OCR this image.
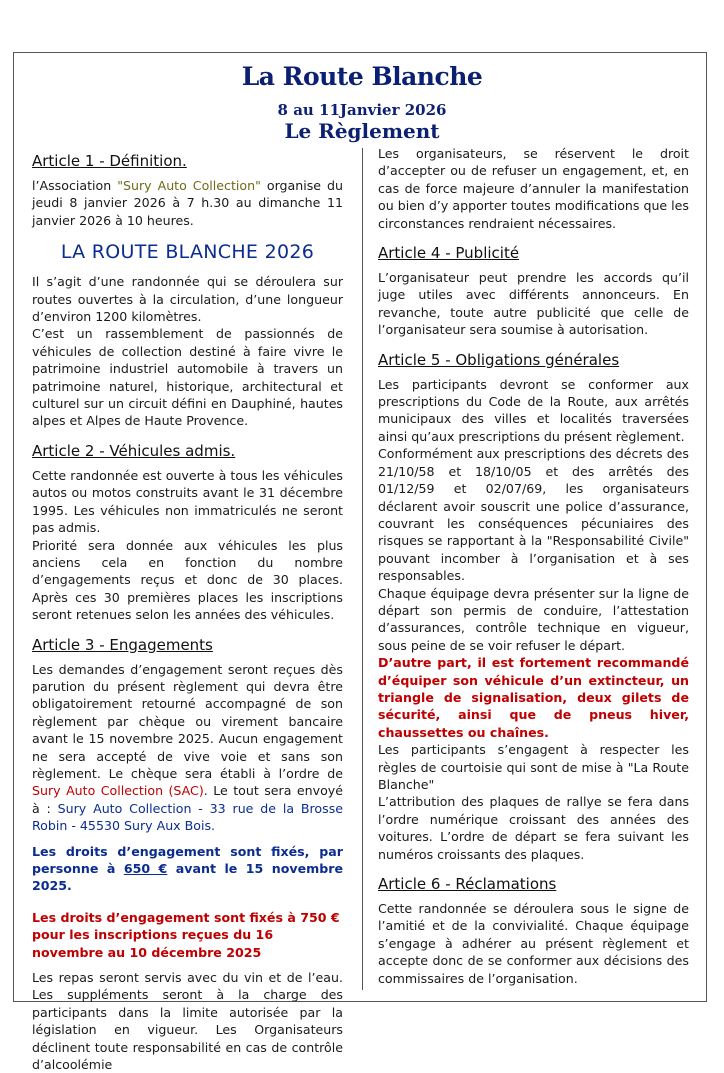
La Route Blanche
8 au 11Janvier 2026
Le Règlement
Article 1 - Définition.

l’Association "Sury Auto Collection" organise du jeudi 8 janvier 2026 à 7 h.30 au dimanche 11 janvier 2026 à 10 heures.

LA ROUTE BLANCHE 2026

Il s’agit d’une randonnée qui se déroulera sur routes ouvertes à la circulation, d’une longueur d’environ 1200 kilomètres.

C’est un rassemblement de passionnés de véhicules de collection destiné à faire vivre le patrimoine industriel automobile à travers un patrimoine naturel, historique, architectural et culturel sur un circuit défini en Dauphiné, hautes alpes et Alpes de Haute Provence.

Article 2 - Véhicules admis.

Cette randonnée est ouverte à tous les véhicules autos ou motos construits avant le 31 décembre 1995. Les véhicules non immatriculés ne seront pas admis.

Priorité sera donnée aux véhicules les plus anciens cela en fonction du nombre d’engagements reçus et donc de 30 places. Après ces 30 premières places les inscriptions seront retenues selon les années des véhicules.

Article 3 - Engagements

Les demandes d’engagement seront reçues dès parution du présent règlement qui devra être obligatoirement retourné accompagné de son règlement par chèque ou virement bancaire avant le 15 novembre 2025. Aucun engagement ne sera accepté de vive voie et sans son règlement. Le chèque sera établi à l’ordre de Sury Auto Collection (SAC). Le tout sera envoyé à : Sury Auto Collection - 33 rue de la Brosse Robin - 45530 Sury Aux Bois.

Les droits d’engagement sont fixés, par personne à 650 € avant le 15 novembre 2025.

Les droits d’engagement sont fixés à 750 € pour les inscriptions reçues du 16 novembre au 10 décembre 2025

Les repas seront servis avec du vin et de l’eau. Les suppléments seront à la charge des participants dans la limite autorisée par la législation en vigueur. Les Organisateurs déclinent toute responsabilité en cas de contrôle d’alcoolémie

Les organisateurs, se réservent le droit d’accepter ou de refuser un engagement, et, en cas de force majeure d’annuler la manifestation ou bien d’y apporter toutes modifications que les circonstances rendraient nécessaires.

Article 4 - Publicité

L’organisateur peut prendre les accords qu’il juge utiles avec différents annonceurs. En revanche, toute autre publicité que celle de l’organisateur sera soumise à autorisation.

Article 5 - Obligations générales

Les participants devront se conformer aux prescriptions du Code de la Route, aux arrêtés municipaux des villes et localités traversées ainsi qu’aux prescriptions du présent règlement.

Conformément aux prescriptions des décrets des 21/10/58 et 18/10/05 et des arrêtés des 01/12/59 et 02/07/69, les organisateurs déclarent avoir souscrit une police d’assurance, couvrant les conséquences pécuniaires des risques se rapportant à la "Responsabilité Civile" pouvant incomber à l’organisation et à ses responsables.

Chaque équipage devra présenter sur la ligne de départ son permis de conduire, l’attestation d’assurances, contrôle technique en vigueur, sous peine de se voir refuser le départ.

D’autre part, il est fortement recommandé d’équiper son véhicule d’un extincteur, un triangle de signalisation, deux gilets de sécurité, ainsi que de pneus hiver, chaussettes ou chaînes.

Les participants s’engagent à respecter les règles de courtoisie qui sont de mise à "La Route Blanche"

L’attribution des plaques de rallye se fera dans l’ordre numérique croissant des années des voitures. L’ordre de départ se fera suivant les numéros croissants des plaques.

Article 6 - Réclamations

Cette randonnée se déroulera sous le signe de l’amitié et de la convivialité. Chaque équipage s’engage à adhérer au présent règlement et accepte donc de se conformer aux décisions des commissaires de l’organisation.
